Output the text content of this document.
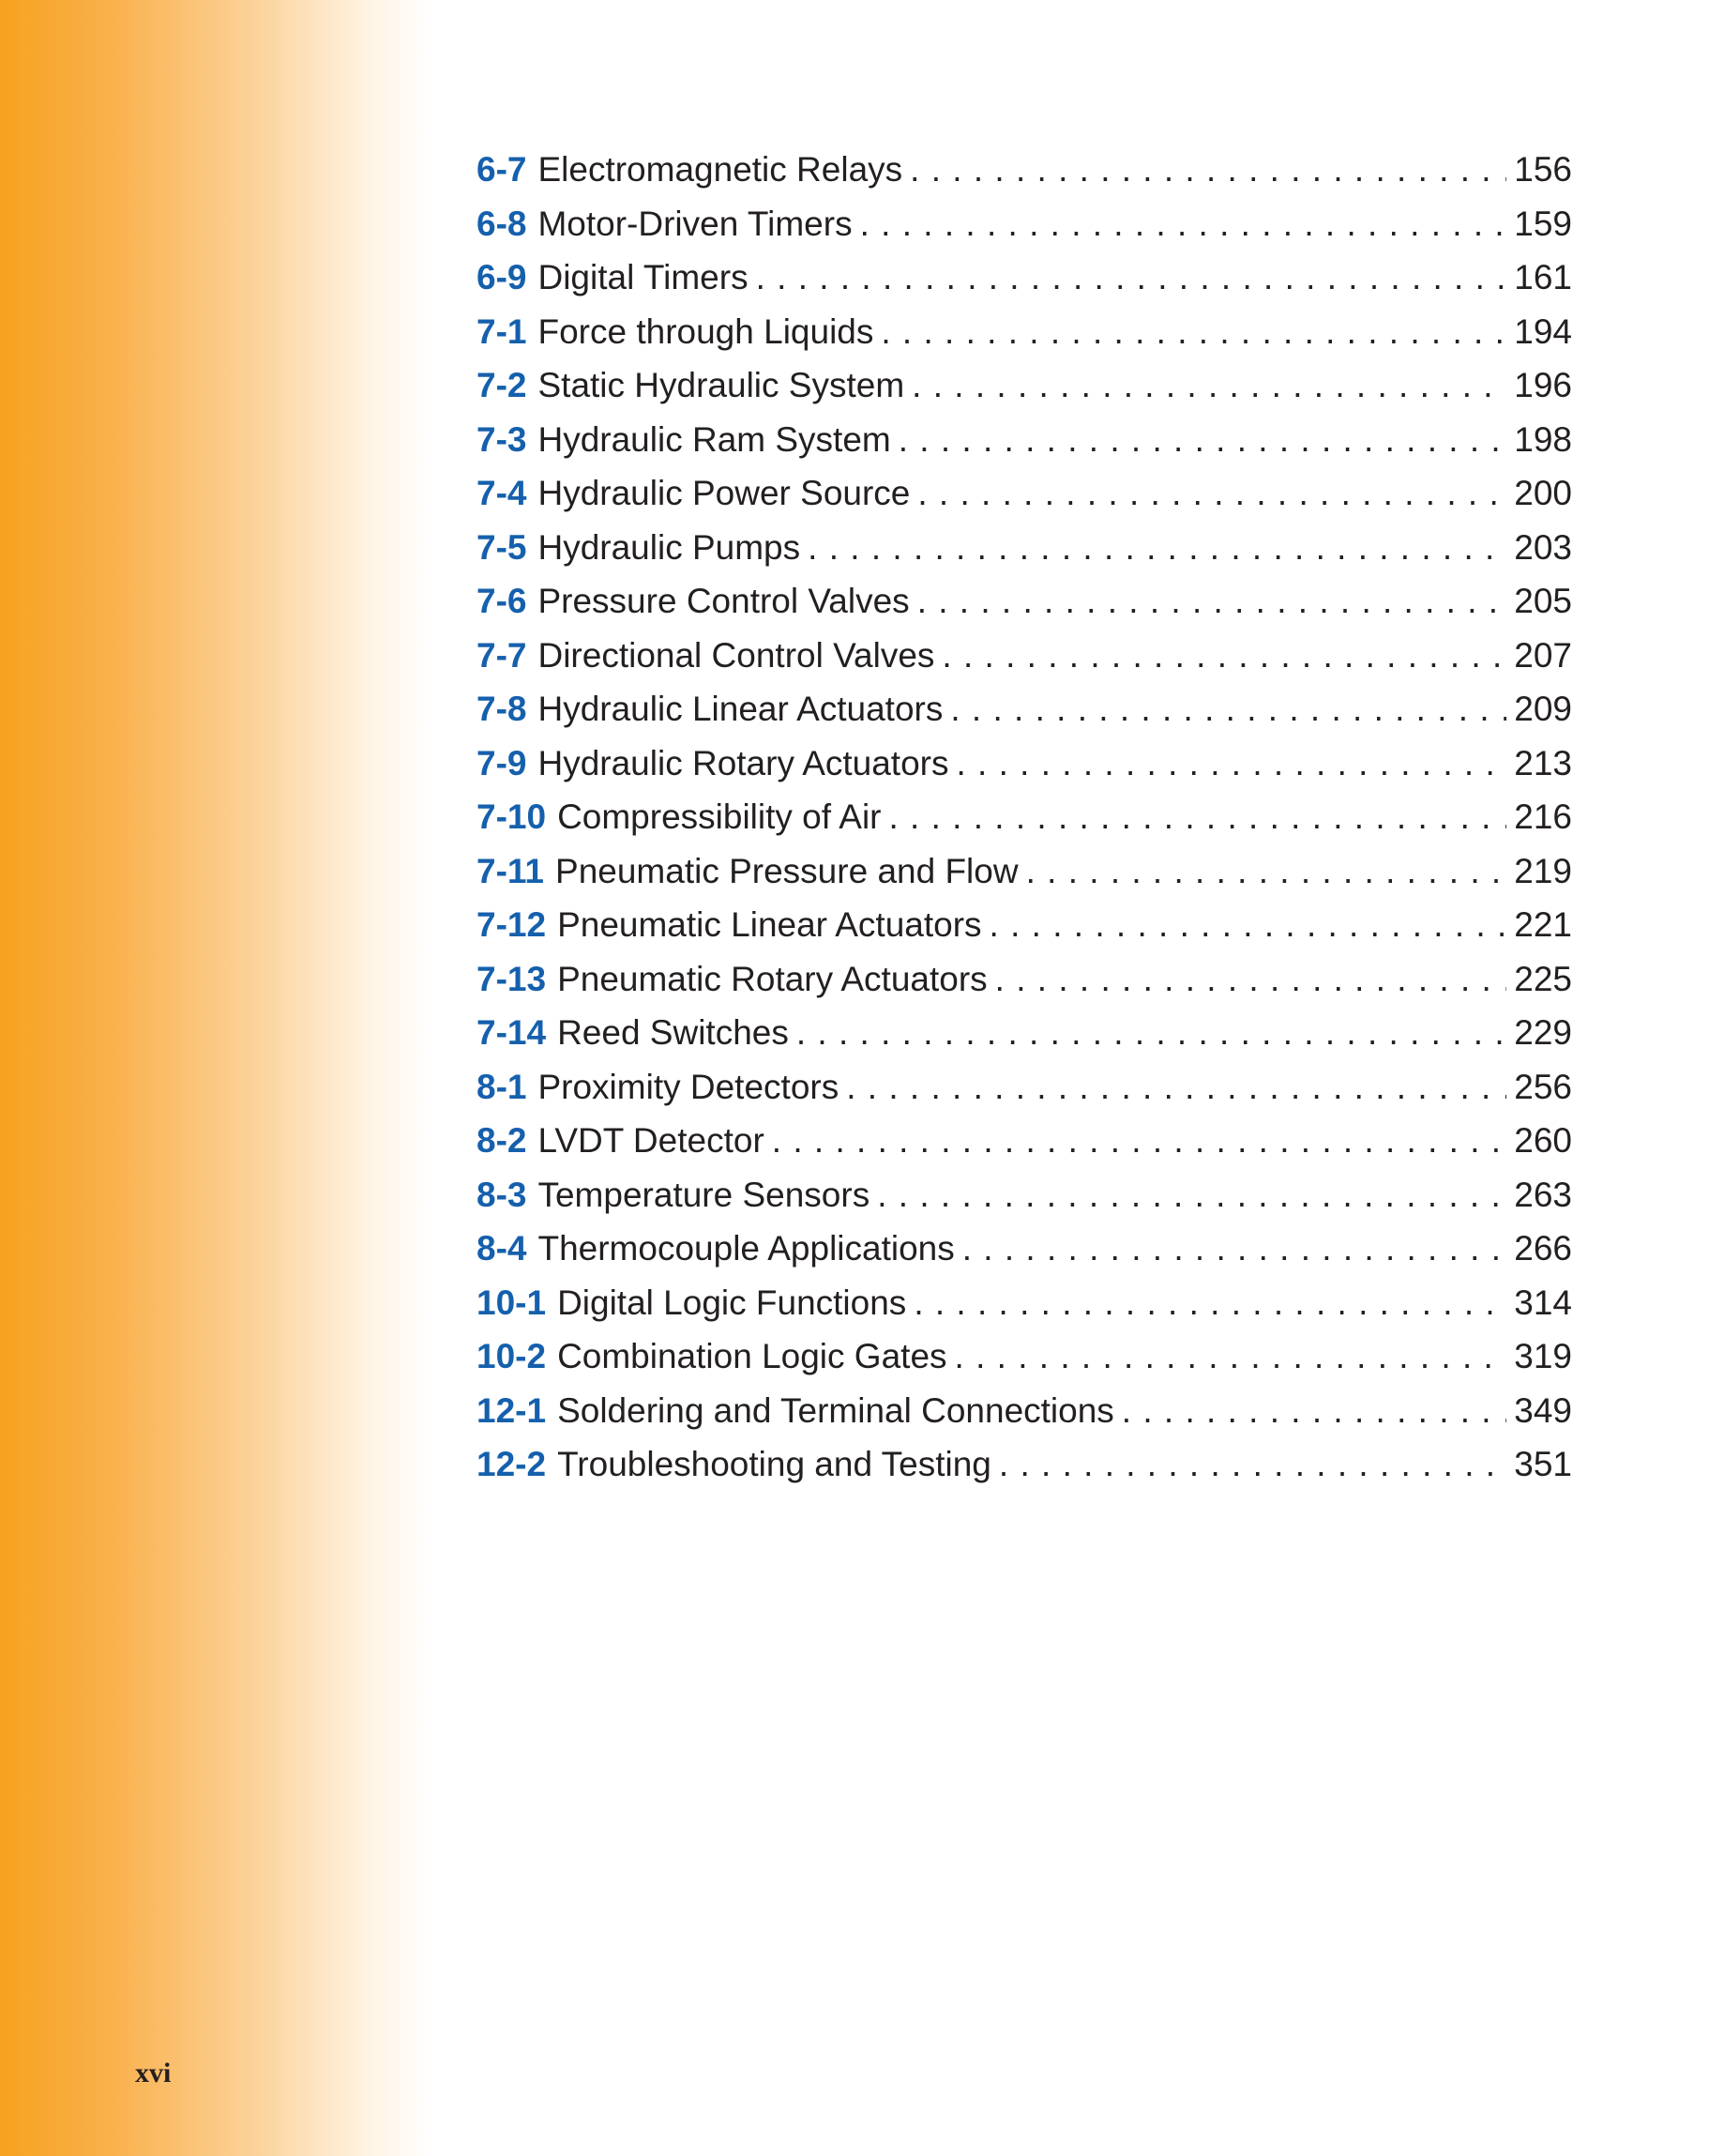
6-7 Electromagnetic Relays . . .	156
6-8 Motor-Driven Timers . . .	159
6-9 Digital Timers . . .	161
7-1 Force through Liquids . . .	194
7-2 Static Hydraulic System . . .	196
7-3 Hydraulic Ram System . . .	198
7-4 Hydraulic Power Source . . .	200
7-5 Hydraulic Pumps . . .	203
7-6 Pressure Control Valves . . .	205
7-7 Directional Control Valves . . .	207
7-8 Hydraulic Linear Actuators . . .	209
7-9 Hydraulic Rotary Actuators . . .	213
7-10 Compressibility of Air . . .	216
7-11 Pneumatic Pressure and Flow . . .	219
7-12 Pneumatic Linear Actuators . . .	221
7-13 Pneumatic Rotary Actuators . . .	225
7-14 Reed Switches . . .	229
8-1 Proximity Detectors . . .	256
8-2 LVDT Detector . . .	260
8-3 Temperature Sensors . . .	263
8-4 Thermocouple Applications . . .	266
10-1 Digital Logic Functions . . .	314
10-2 Combination Logic Gates . . .	319
12-1 Soldering and Terminal Connections . . .	349
12-2 Troubleshooting and Testing . . .	351
xvi
